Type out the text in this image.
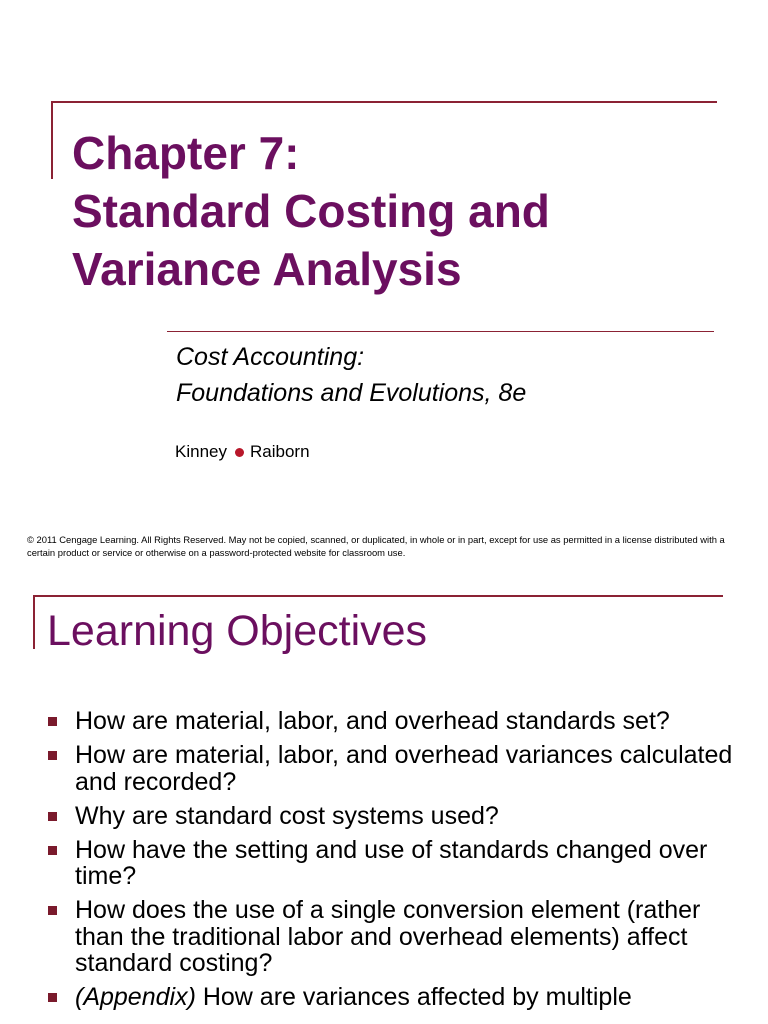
Chapter 7:
Standard Costing and
Variance Analysis

Cost Accounting:
Foundations and Evolutions, 8e

Kinney Raiborn

© 2011 Cengage Learning. All Rights Reserved. May not be copied, scanned, or duplicated, in whole or in part, except for use as permitted in a license distributed with a certain product or service or otherwise on a password-protected website for classroom use.

Learning Objectives
How are material, labor, and overhead standards set?
How are material, labor, and overhead variances calculated and recorded?
Why are standard cost systems used?
How have the setting and use of standards changed over time?
How does the use of a single conversion element (rather than the traditional labor and overhead elements) affect standard costing?
(Appendix) How are variances affected by multiple
